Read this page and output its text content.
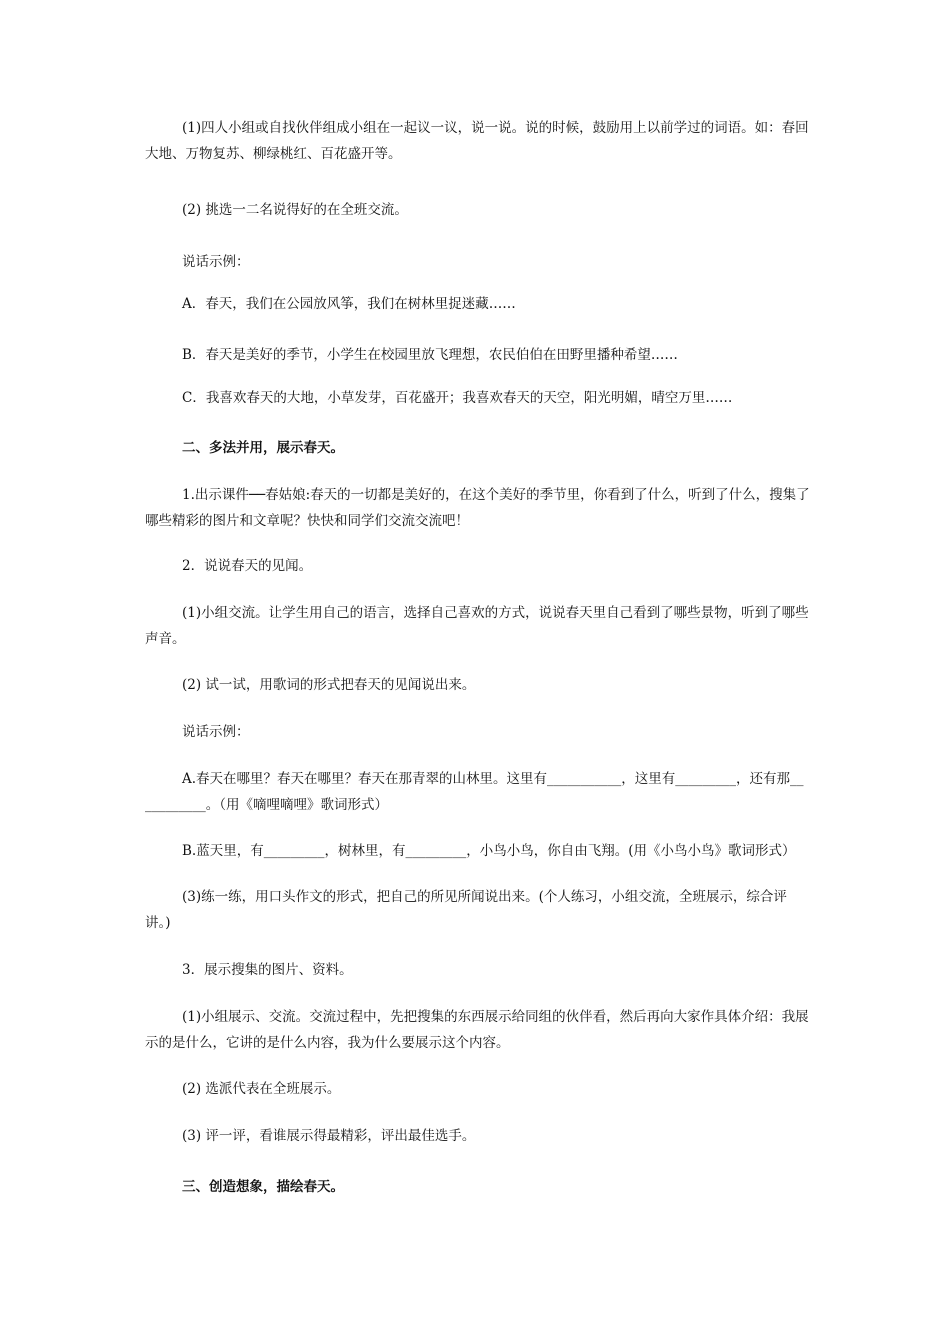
(1)四人小组或自找伙伴组成小组在一起议一议，说一说。说的时候，鼓励用上以前学过的词语。如：春回大地、万物复苏、柳绿桃红、百花盛开等。

(2) 挑选一二名说得好的在全班交流。

说话示例：

A．春天，我们在公园放风筝，我们在树林里捉迷藏……

B．春天是美好的季节，小学生在校园里放飞理想，农民伯伯在田野里播种希望……

C．我喜欢春天的大地，小草发芽，百花盛开；我喜欢春天的天空，阳光明媚，晴空万里……

二、多法并用，展示春天。

1.出示课件──春姑娘:春天的一切都是美好的，在这个美好的季节里，你看到了什么，听到了什么，搜集了哪些精彩的图片和文章呢？快快和同学们交流交流吧！

2．说说春天的见闻。

(1)小组交流。让学生用自己的语言，选择自己喜欢的方式，说说春天里自己看到了哪些景物，听到了哪些声音。

(2) 试一试，用歌词的形式把春天的见闻说出来。

说话示例：

A.春天在哪里？春天在哪里？春天在那青翠的山林里。这里有___________，这里有_________，还有那___________。（用《嘀哩嘀哩》歌词形式）

B.蓝天里，有_________，树林里，有_________，小鸟小鸟，你自由飞翔。(用《小鸟小鸟》歌词形式）

(3)练一练，用口头作文的形式，把自己的所见所闻说出来。(个人练习，小组交流，全班展示，综合评讲。)

3．展示搜集的图片、资料。

(1)小组展示、交流。交流过程中，先把搜集的东西展示给同组的伙伴看，然后再向大家作具体介绍：我展示的是什么，它讲的是什么内容，我为什么要展示这个内容。

(2) 选派代表在全班展示。

(3) 评一评，看谁展示得最精彩，评出最佳选手。

三、创造想象，描绘春天。
